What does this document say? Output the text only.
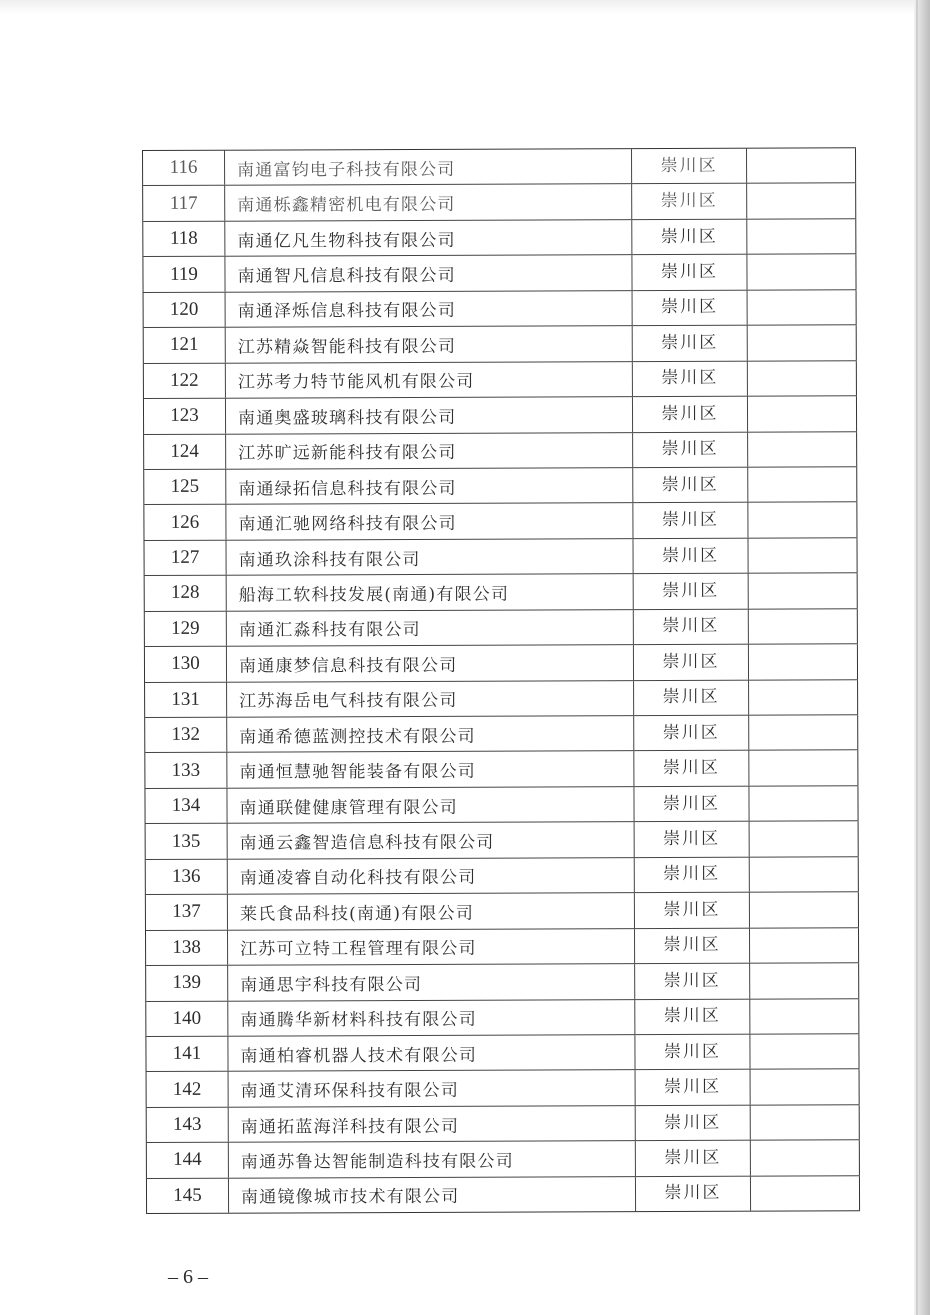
116	南通富钧电子科技有限公司	崇川区
117	南通栎鑫精密机电有限公司	崇川区
118	南通亿凡生物科技有限公司	崇川区
119	南通智凡信息科技有限公司	崇川区
120	南通泽烁信息科技有限公司	崇川区
121	江苏精焱智能科技有限公司	崇川区
122	江苏考力特节能风机有限公司	崇川区
123	南通奥盛玻璃科技有限公司	崇川区
124	江苏旷远新能科技有限公司	崇川区
125	南通绿拓信息科技有限公司	崇川区
126	南通汇驰网络科技有限公司	崇川区
127	南通玖涂科技有限公司	崇川区
128	船海工软科技发展(南通)有限公司	崇川区
129	南通汇淼科技有限公司	崇川区
130	南通康梦信息科技有限公司	崇川区
131	江苏海岳电气科技有限公司	崇川区
132	南通希德蓝测控技术有限公司	崇川区
133	南通恒慧驰智能装备有限公司	崇川区
134	南通联健健康管理有限公司	崇川区
135	南通云鑫智造信息科技有限公司	崇川区
136	南通凌睿自动化科技有限公司	崇川区
137	莱氏食品科技(南通)有限公司	崇川区
138	江苏可立特工程管理有限公司	崇川区
139	南通思宇科技有限公司	崇川区
140	南通腾华新材料科技有限公司	崇川区
141	南通柏睿机器人技术有限公司	崇川区
142	南通艾清环保科技有限公司	崇川区
143	南通拓蓝海洋科技有限公司	崇川区
144	南通苏鲁达智能制造科技有限公司	崇川区
145	南通镜像城市技术有限公司	崇川区
– 6 –
